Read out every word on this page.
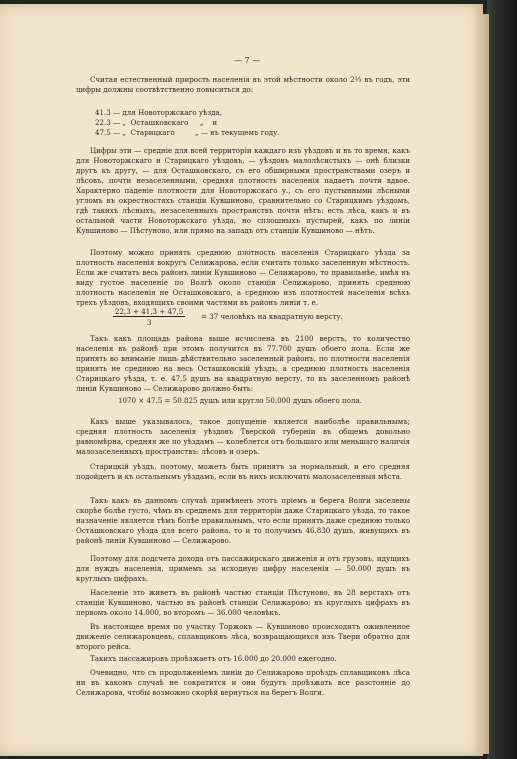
— 7 —

Считая естественный прирость населенія въ этой мѣстности около 2⅔ въ годъ, эти цифры должны соотвѣтственно повыситься до:

41.3 — для Новоторжскаго уѣзда,
22.3 — „  Осташковскаго     „    и
47.5 — „  Старицкаго         „ — въ текущемъ году.

Цифры эти — средніе для всей территоріи каждаго изъ уѣздовъ и въ то время, какъ для Новоторжскаго и Старицкаго уѣздовъ, — уѣздовъ малолѣсистыхъ — онѣ близки другъ къ другу, — для Осташковскаго, съ его обширными пространствами озеръ и лѣсовъ, почти незаселенными, средняя плотность населенія падаетъ почти вдвое. Характерно паденіе плотности для Новоторжскаго у., съ его пустынными лѣсными угломъ въ окрестностяхъ станціи Кувшиново, сравнительно со Старицкимъ уѣздомъ, гдѣ такихъ лѣсныхъ, незаселенныхъ пространствъ почти нѣтъ: есть лѣса, какъ и въ остальной части Новоторжскаго уѣзда, но сплошныхъ пустырей, какъ по линіи Кувшиново — Пѣстуново, или прямо на западъ отъ станціи Кувшиново — нѣтъ.

Поэтому можно принять среднюю плотность населенія Старицкаго уѣзда за плотность населенія вокругъ Селижарова, если считать только заселенную мѣстность. Если же считать весь районъ линіи Кувшиново — Селижарово, то правильнѣе, имѣя въ виду густое населеніе по Волгѣ около станціи Селижарово, принять среднюю плотность населенія не Осташковскаго, а среднюю изъ плотностей населенія всѣхъ трехъ уѣздовъ, входящихъ своими частями въ районъ линіи т. е.

22,3 + 41,3 + 47,5
3
= 37 человѣкъ на квадратную версту.

Такъ какъ площадь района выше исчислена въ 2100 верстъ, то количество населенія въ районѣ при этомъ получится въ 77.700 душъ обоего пола. Если же принять во вниманіе лишь дѣйствительно заселенный районъ, по плотности населенія принять не среднюю на весь Осташковскій уѣздъ, а среднюю плотность населенія Старицкаго уѣзда, т. е. 47,5 душъ на квадратную версту, то въ заселенномъ районѣ линіи Кувшиново — Селижарово должно быть:

1070 × 47.5 = 50.825 душъ или кругло 50.000 душъ обоего пола.

Какъ выше указывалось, такое допущеніе является наиболѣе правильнымъ; средняя плотность заселенія уѣздовъ Тверской губерніи въ общемъ довольно равномѣрна, средняя же по уѣздамъ — колеблется отъ большаго или меньшаго наличія малозаселенныхъ пространствъ: лѣсовъ и озеръ.

Старицкій уѣздъ, поэтому, можетъ быть принятъ за нормальный, и его средняя подойдетъ и къ остальнымъ уѣздамъ, если въ нихъ исключить малозаселенныя мѣста.

Такъ какъ въ данномъ случаѣ примѣненъ этотъ пріемъ и берега Волги заселены скорѣе болѣе густо, чѣмъ въ среднемъ для территоріи даже Старицкаго уѣзда, то такое назначеніе является тѣмъ болѣе правильнымъ, что если принять даже среднюю только Осташковскаго уѣзда для всего района, то и то получимъ 46.830 душъ, живущихъ въ районѣ линіи Кувшиново — Селижарово.

Поэтому для подсчета дохода отъ пассажирскаго движенія и отъ грузовъ, идущихъ для нуждъ населенія, примемъ за исходную цифру населенія — 50.000 душъ въ круглыхъ цифрахъ.

Населеніе это живетъ въ районѣ частью станціи Пѣстуново, въ 28 верстахъ отъ станціи Кувшиново, частью въ районѣ станціи Селижарово; въ круглыхъ цифрахъ въ первомъ около 14.000, во второмъ — 36.000 человѣкъ.

Въ настоящее время по участку Торжокъ — Кувшиново происходитъ оживленное движеніе селижаровцевъ, сплавщиковъ лѣса, возвращающихся изъ Твери обратно для второго рейса.

Такихъ пассажировъ проѣзжаетъ отъ 16.000 до 20.000 ежегодно.

Очевидно, что съ продолженіемъ линіи до Селижарова проѣздъ сплавщиковъ лѣса ни въ какомъ случаѣ не сократится и они будутъ проѣзжать все разстояніе до Селижарова, чтобы возможно скорѣй вернуться на берегъ Волги.
